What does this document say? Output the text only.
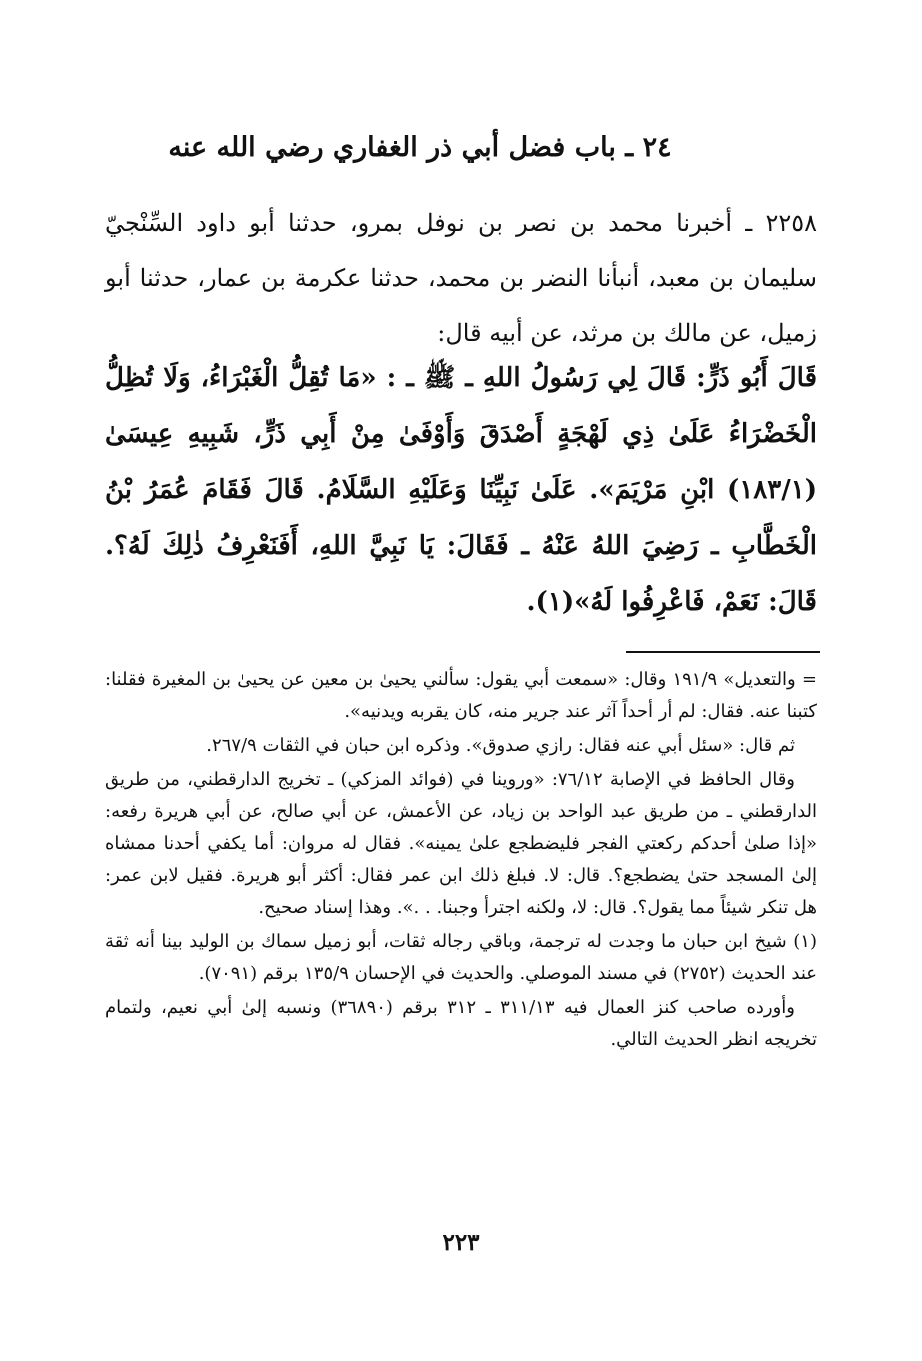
٢٤ ـ باب فضل أبي ذر الغفاري رضي الله عنه
٢٢٥٨ ـ أخبرنا محمد بن نصر بن نوفل بمرو، حدثنا أبو داود السِّنْجيّ سليمان بن معبد، أنبأنا النضر بن محمد، حدثنا عكرمة بن عمار، حدثنا أبو زميل، عن مالك بن مرثد، عن أبيه قال:
قَالَ أَبُو ذَرٍّ: قَالَ لِي رَسُولُ اللهِ ـ ﷺ ـ : «مَا تُقِلُّ الْغَبْرَاءُ، وَلَا تُظِلُّ الْخَضْرَاءُ عَلَىٰ ذِي لَهْجَةٍ أَصْدَقَ وَأَوْفَىٰ مِنْ أَبِي ذَرٍّ، شَبِيهِ عِيسَىٰ (١٨٣/١) ابْنِ مَرْيَمَ». عَلَىٰ نَبِيِّنَا وَعَلَيْهِ السَّلَامُ. قَالَ فَقَامَ عُمَرُ بْنُ الْخَطَّابِ ـ رَضِيَ اللهُ عَنْهُ ـ فَقَالَ: يَا نَبِيَّ اللهِ، أَفَنَعْرِفُ ذٰلِكَ لَهُ؟. قَالَ: نَعَمْ، فَاعْرِفُوا لَهُ»(١).

= والتعديل» ١٩١/٩ وقال: «سمعت أبي يقول: سألني يحيىٰ بن معين عن يحيىٰ بن المغيرة فقلنا: كتبنا عنه. فقال: لم أر أحداً آثر عند جرير منه، كان يقربه ويدنيه».

ثم قال: «سئل أبي عنه فقال: رازي صدوق». وذكره ابن حبان في الثقات ٢٦٧/٩.

وقال الحافظ في الإصابة ٧٦/١٢: «وروينا في (فوائد المزكي) ـ تخريج الدارقطني، من طريق الدارقطني ـ من طريق عبد الواحد بن زياد، عن الأعمش، عن أبي صالح، عن أبي هريرة رفعه: «إذا صلىٰ أحدكم ركعتي الفجر فليضطجع علىٰ يمينه». فقال له مروان: أما يكفي أحدنا ممشاه إلىٰ المسجد حتىٰ يضطجع؟. قال: لا. فبلغ ذلك ابن عمر فقال: أكثر أبو هريرة. فقيل لابن عمر: هل تنكر شيئاً مما يقول؟. قال: لا، ولكنه اجترأ وجبنا. . .». وهذا إسناد صحيح.

(١) شيخ ابن حبان ما وجدت له ترجمة، وباقي رجاله ثقات، أبو زميل سماك بن الوليد بينا أنه ثقة عند الحديث (٢٧٥٢) في مسند الموصلي. والحديث في الإحسان ١٣٥/٩ برقم (٧٠٩١).

وأورده صاحب كنز العمال فيه ٣١١/١٣ ـ ٣١٢ برقم (٣٦٨٩٠) ونسبه إلىٰ أبي نعيم، ولتمام تخريجه انظر الحديث التالي.

٢٢٣
